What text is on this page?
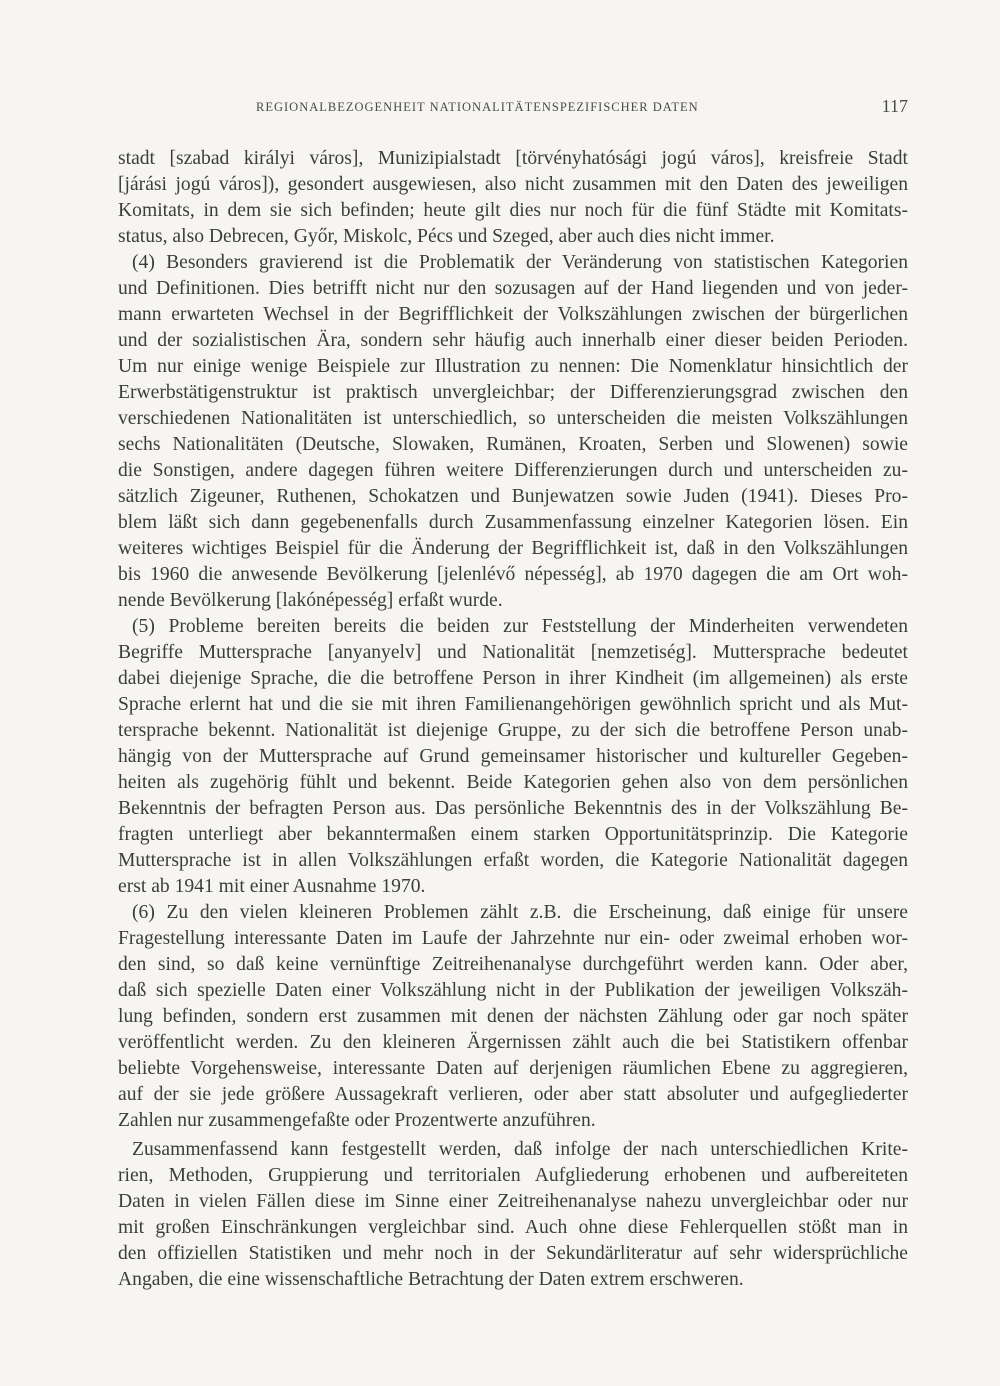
REGIONALBEZOGENHEIT NATIONALITÄTENSPEZIFISCHER DATEN	117
stadt [szabad királyi város], Munizipialstadt [törvényhatósági jogú város], kreisfreie Stadt
[járási jogú város]), gesondert ausgewiesen, also nicht zusammen mit den Daten des jeweiligen
Komitats, in dem sie sich befinden; heute gilt dies nur noch für die fünf Städte mit Komitats-
status, also Debrecen, Győr, Miskolc, Pécs und Szeged, aber auch dies nicht immer.
(4) Besonders gravierend ist die Problematik der Veränderung von statistischen Kategorien
und Definitionen. Dies betrifft nicht nur den sozusagen auf der Hand liegenden und von jeder-
mann erwarteten Wechsel in der Begrifflichkeit der Volkszählungen zwischen der bürgerlichen
und der sozialistischen Ära, sondern sehr häufig auch innerhalb einer dieser beiden Perioden.
Um nur einige wenige Beispiele zur Illustration zu nennen: Die Nomenklatur hinsichtlich der
Erwerbstätigenstruktur ist praktisch unvergleichbar; der Differenzierungsgrad zwischen den
verschiedenen Nationalitäten ist unterschiedlich, so unterscheiden die meisten Volkszählungen
sechs Nationalitäten (Deutsche, Slowaken, Rumänen, Kroaten, Serben und Slowenen) sowie
die Sonstigen, andere dagegen führen weitere Differenzierungen durch und unterscheiden zu-
sätzlich Zigeuner, Ruthenen, Schokatzen und Bunjewatzen sowie Juden (1941). Dieses Pro-
blem läßt sich dann gegebenenfalls durch Zusammenfassung einzelner Kategorien lösen. Ein
weiteres wichtiges Beispiel für die Änderung der Begrifflichkeit ist, daß in den Volkszählungen
bis 1960 die anwesende Bevölkerung [jelenlévő népesség], ab 1970 dagegen die am Ort woh-
nende Bevölkerung [lakónépesség] erfaßt wurde.
(5) Probleme bereiten bereits die beiden zur Feststellung der Minderheiten verwendeten
Begriffe Muttersprache [anyanyelv] und Nationalität [nemzetiség]. Muttersprache bedeutet
dabei diejenige Sprache, die die betroffene Person in ihrer Kindheit (im allgemeinen) als erste
Sprache erlernt hat und die sie mit ihren Familienangehörigen gewöhnlich spricht und als Mut-
tersprache bekennt. Nationalität ist diejenige Gruppe, zu der sich die betroffene Person unab-
hängig von der Muttersprache auf Grund gemeinsamer historischer und kultureller Gegeben-
heiten als zugehörig fühlt und bekennt. Beide Kategorien gehen also von dem persönlichen
Bekenntnis der befragten Person aus. Das persönliche Bekenntnis des in der Volkszählung Be-
fragten unterliegt aber bekanntermaßen einem starken Opportunitätsprinzip. Die Kategorie
Muttersprache ist in allen Volkszählungen erfaßt worden, die Kategorie Nationalität dagegen
erst ab 1941 mit einer Ausnahme 1970.
(6) Zu den vielen kleineren Problemen zählt z.B. die Erscheinung, daß einige für unsere
Fragestellung interessante Daten im Laufe der Jahrzehnte nur ein- oder zweimal erhoben wor-
den sind, so daß keine vernünftige Zeitreihenanalyse durchgeführt werden kann. Oder aber,
daß sich spezielle Daten einer Volkszählung nicht in der Publikation der jeweiligen Volkszäh-
lung befinden, sondern erst zusammen mit denen der nächsten Zählung oder gar noch später
veröffentlicht werden. Zu den kleineren Ärgernissen zählt auch die bei Statistikern offenbar
beliebte Vorgehensweise, interessante Daten auf derjenigen räumlichen Ebene zu aggregieren,
auf der sie jede größere Aussagekraft verlieren, oder aber statt absoluter und aufgegliederter
Zahlen nur zusammengefaßte oder Prozentwerte anzuführen.
Zusammenfassend kann festgestellt werden, daß infolge der nach unterschiedlichen Krite-
rien, Methoden, Gruppierung und territorialen Aufgliederung erhobenen und aufbereiteten
Daten in vielen Fällen diese im Sinne einer Zeitreihenanalyse nahezu unvergleichbar oder nur
mit großen Einschränkungen vergleichbar sind. Auch ohne diese Fehlerquellen stößt man in
den offiziellen Statistiken und mehr noch in der Sekundärliteratur auf sehr widersprüchliche
Angaben, die eine wissenschaftliche Betrachtung der Daten extrem erschweren.
